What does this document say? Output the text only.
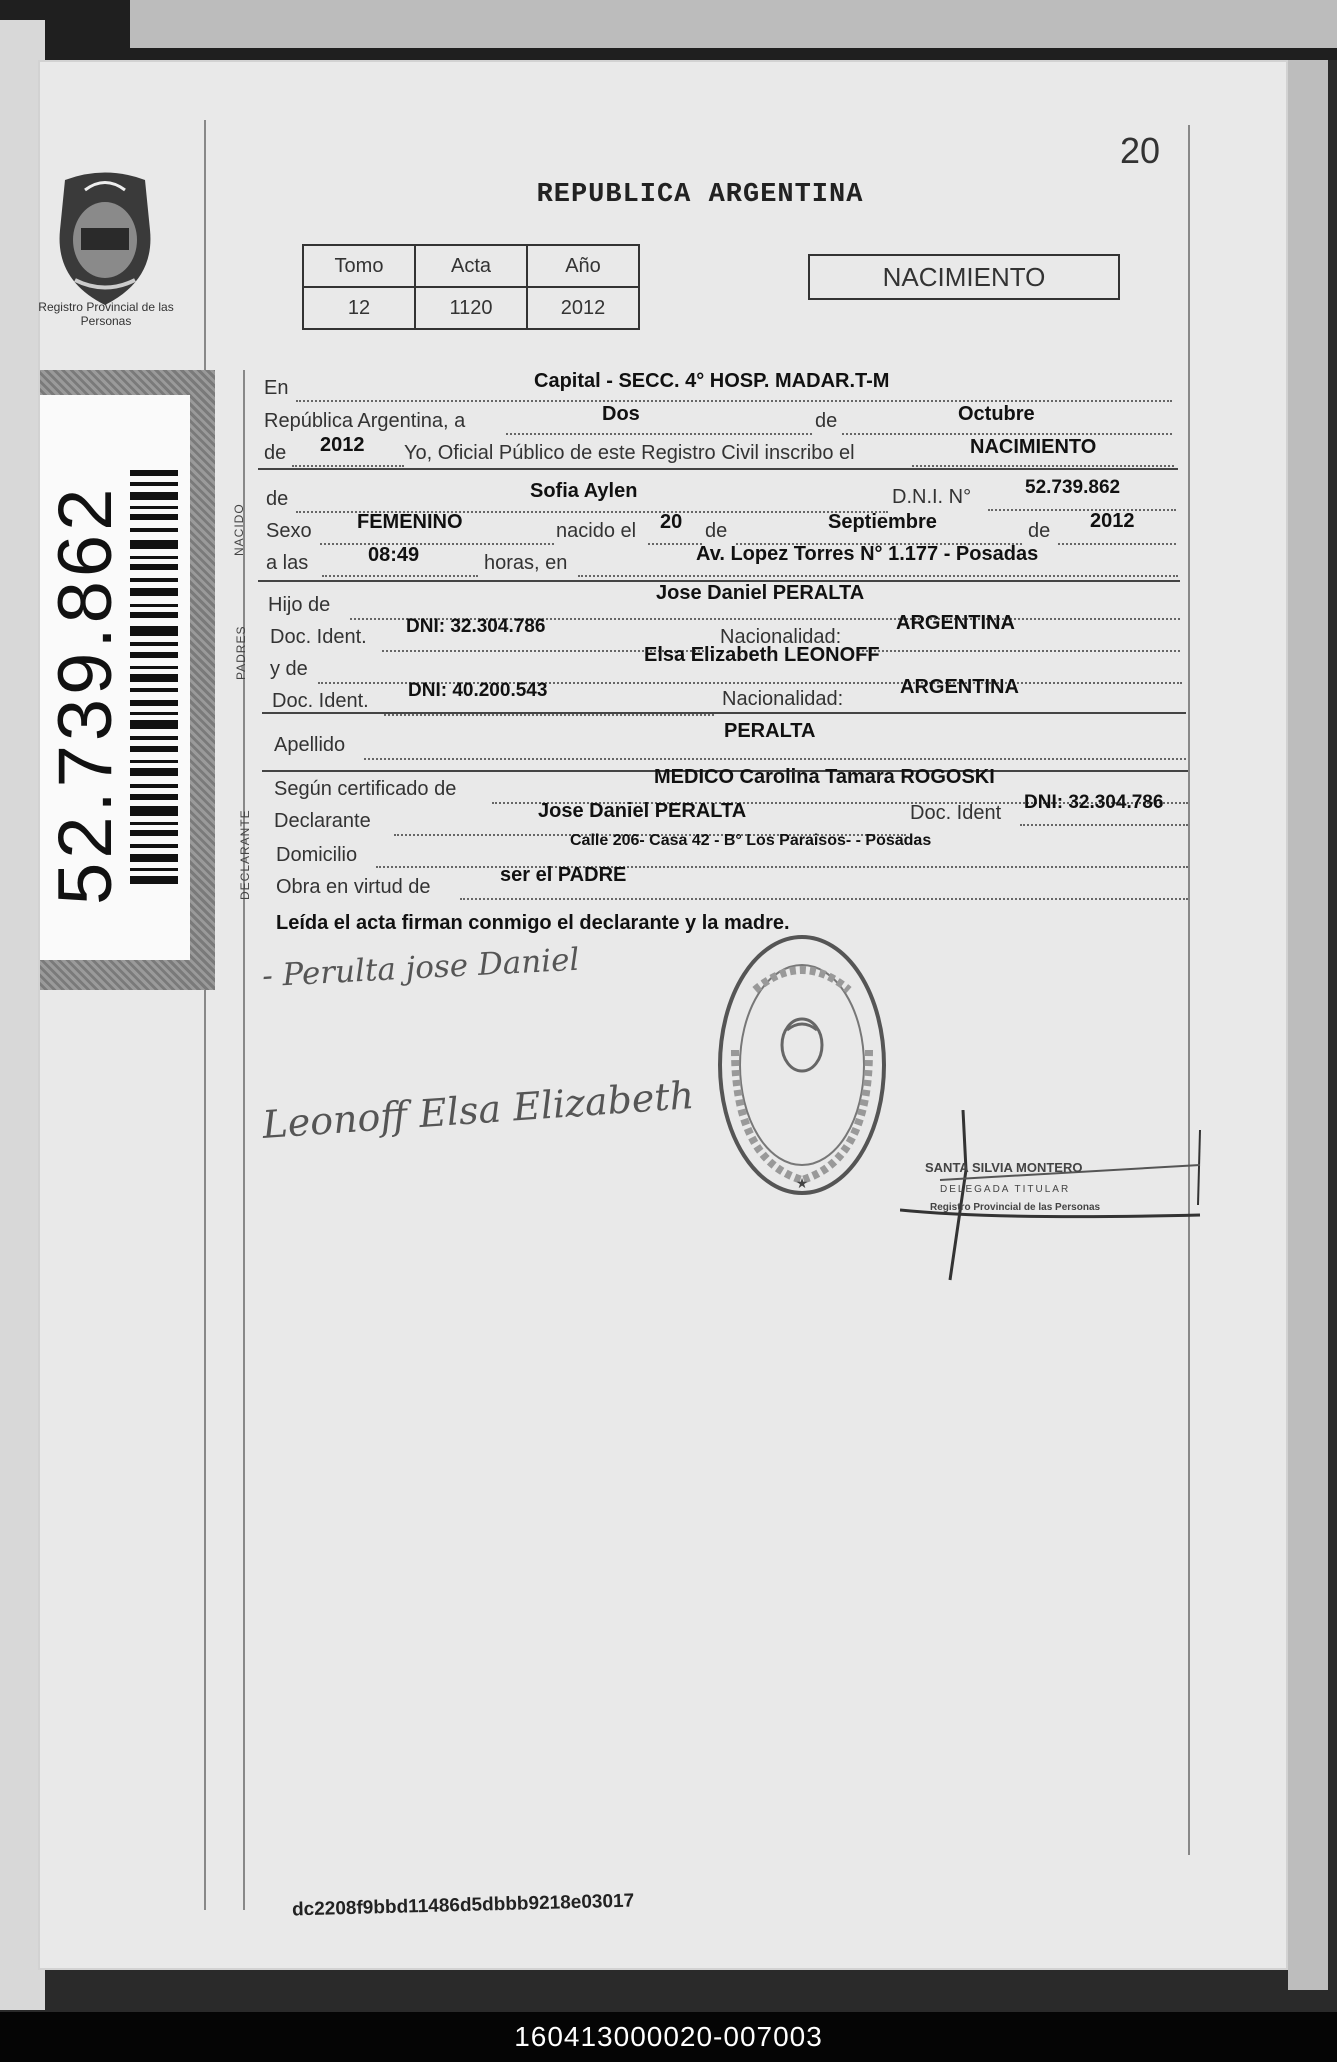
Registro Provincial de las Personas
52.739.862
20
REPUBLICA ARGENTINA
Tomo	Acta	Año
12	1120	2012
NACIMIENTO
En	Capital - SECC. 4° HOSP. MADAR.T-M
República Argentina, a	Dos	de	Octubre
de 2012 Yo, Oficial Público de este Registro Civil inscribo el	NACIMIENTO
NACIDO
de	Sofia Aylen	D.N.I. N°	52.739.862
Sexo FEMENINO	nacido el 20 de	Septiembre	de 2012
a las	08:49	horas, en	Av. Lopez Torres N° 1.177 - Posadas
PADRES
Hijo de
Jose Daniel PERALTA
Doc. Ident. DNI: 32.304.786	Nacionalidad:
ARGENTINA
y de
Elsa Elizabeth LEONOFF
Doc. Ident. DNI: 40.200.543	Nacionalidad:
ARGENTINA
Apellido
PERALTA
DECLARANTE
Según certificado de
MEDICO Carolina Tamara ROGOSKI
Declarante	Jose Daniel PERALTA	Doc. Ident DNI: 32.304.786
Domicilio
Calle 206- Casa 42 - B° Los Paraisos- - Posadas
Obra en virtud de
ser el PADRE
Leída el acta firman conmigo el declarante y la madre.
- Perulta jose Daniel
Leonoff Elsa Elizabeth
★
SANTA SILVIA MONTERO
DELEGADA TITULAR
Registro Provincial de las Personas
dc2208f9bbd11486d5dbbb9218e03017
160413000020-007003
